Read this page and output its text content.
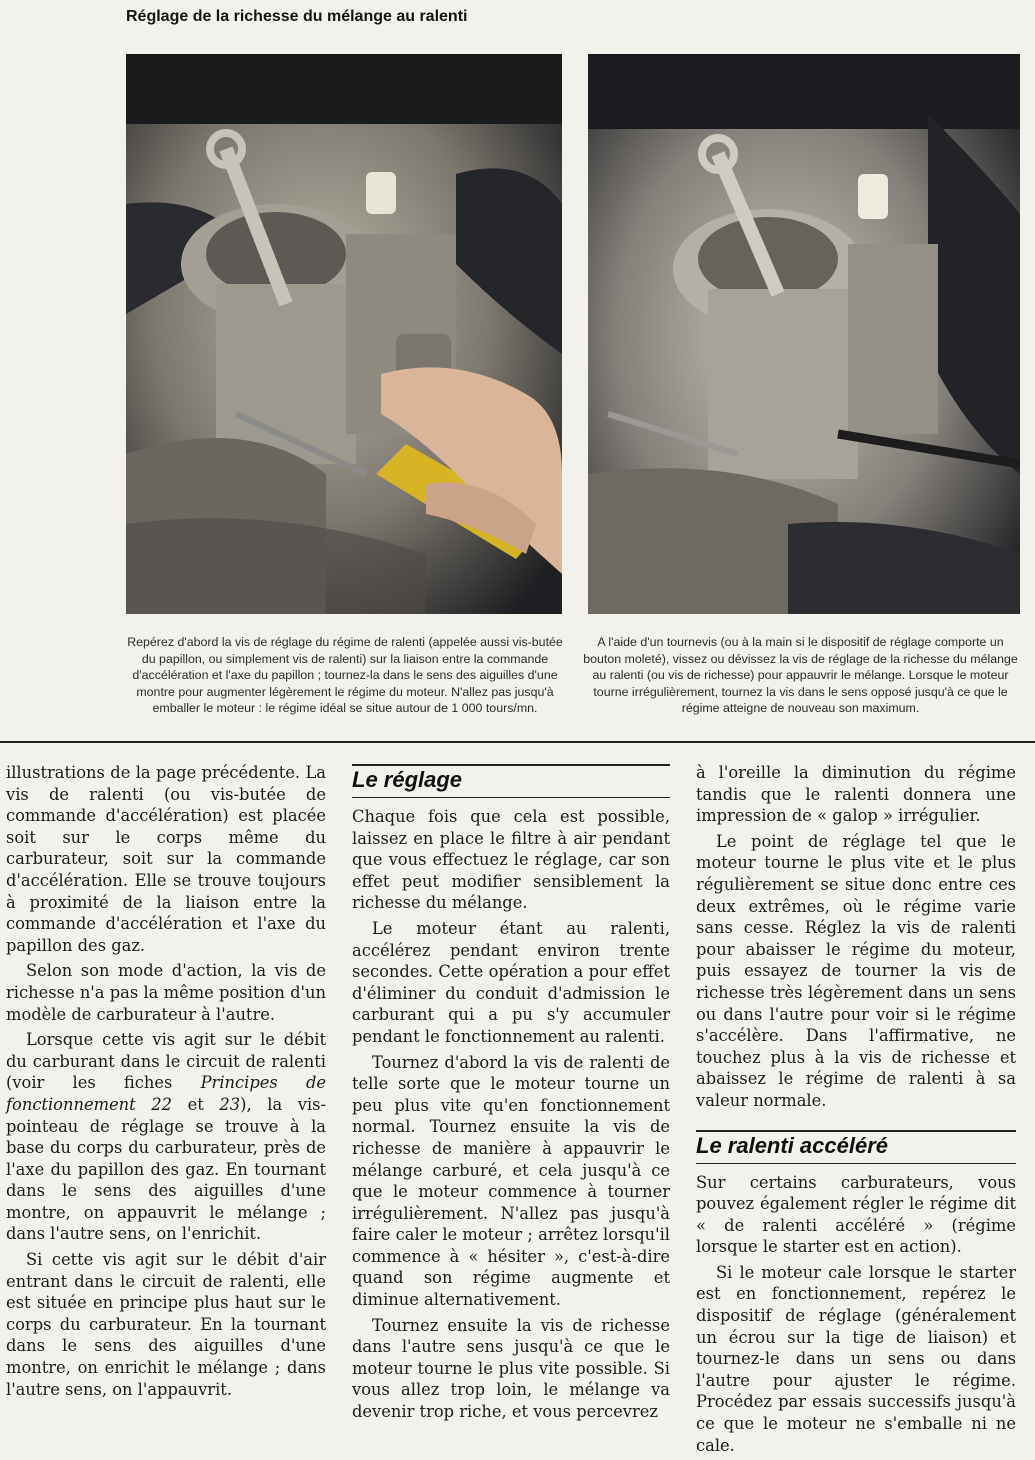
Réglage de la richesse du mélange au ralenti

Repérez d'abord la vis de réglage du régime de ralenti (appelée aussi vis-butée du papillon, ou simplement vis de ralenti) sur la liaison entre la commande d'accélération et l'axe du papillon ; tournez-la dans le sens des aiguilles d'une montre pour augmenter légèrement le régime du moteur. N'allez pas jusqu'à emballer le moteur : le régime idéal se situe autour de 1 000 tours/mn.

A l'aide d'un tournevis (ou à la main si le dispositif de réglage comporte un bouton moleté), vissez ou dévissez la vis de réglage de la richesse du mélange au ralenti (ou vis de richesse) pour appauvrir le mélange. Lorsque le moteur tourne irrégulièrement, tournez la vis dans le sens opposé jusqu'à ce que le régime atteigne de nouveau son maximum.

illustrations de la page précédente. La vis de ralenti (ou vis-butée de commande d'accélération) est placée soit sur le corps même du carburateur, soit sur la commande d'accélération. Elle se trouve toujours à proximité de la liaison entre la commande d'accélération et l'axe du papillon des gaz.

Selon son mode d'action, la vis de richesse n'a pas la même position d'un modèle de carburateur à l'autre.

Lorsque cette vis agit sur le débit du carburant dans le circuit de ralenti (voir les fiches Principes de fonctionnement 22 et 23), la vis-pointeau de réglage se trouve à la base du corps du carburateur, près de l'axe du papillon des gaz. En tournant dans le sens des aiguilles d'une montre, on appauvrit le mélange ; dans l'autre sens, on l'enrichit.

Si cette vis agit sur le débit d'air entrant dans le circuit de ralenti, elle est située en principe plus haut sur le corps du carburateur. En la tournant dans le sens des aiguilles d'une montre, on enrichit le mélange ; dans l'autre sens, on l'appauvrit.

Le réglage

Chaque fois que cela est possible, laissez en place le filtre à air pendant que vous effectuez le réglage, car son effet peut modifier sensiblement la richesse du mélange.

Le moteur étant au ralenti, accélérez pendant environ trente secondes. Cette opération a pour effet d'éliminer du conduit d'admission le carburant qui a pu s'y accumuler pendant le fonctionnement au ralenti.

Tournez d'abord la vis de ralenti de telle sorte que le moteur tourne un peu plus vite qu'en fonctionnement normal. Tournez ensuite la vis de richesse de manière à appauvrir le mélange carburé, et cela jusqu'à ce que le moteur commence à tourner irrégulièrement. N'allez pas jusqu'à faire caler le moteur ; arrêtez lorsqu'il commence à « hésiter », c'est-à-dire quand son régime augmente et diminue alternativement.

Tournez ensuite la vis de richesse dans l'autre sens jusqu'à ce que le moteur tourne le plus vite possible. Si vous allez trop loin, le mélange va devenir trop riche, et vous percevrez

à l'oreille la diminution du régime tandis que le ralenti donnera une impression de « galop » irrégulier.

Le point de réglage tel que le moteur tourne le plus vite et le plus régulièrement se situe donc entre ces deux extrêmes, où le régime varie sans cesse. Réglez la vis de ralenti pour abaisser le régime du moteur, puis essayez de tourner la vis de richesse très légèrement dans un sens ou dans l'autre pour voir si le régime s'accélère. Dans l'affirmative, ne touchez plus à la vis de richesse et abaissez le régime de ralenti à sa valeur normale.

Le ralenti accéléré

Sur certains carburateurs, vous pouvez également régler le régime dit « de ralenti accéléré » (régime lorsque le starter est en action).

Si le moteur cale lorsque le starter est en fonctionnement, repérez le dispositif de réglage (généralement un écrou sur la tige de liaison) et tournez-le dans un sens ou dans l'autre pour ajuster le régime. Procédez par essais successifs jusqu'à ce que le moteur ne s'emballe ni ne cale.
